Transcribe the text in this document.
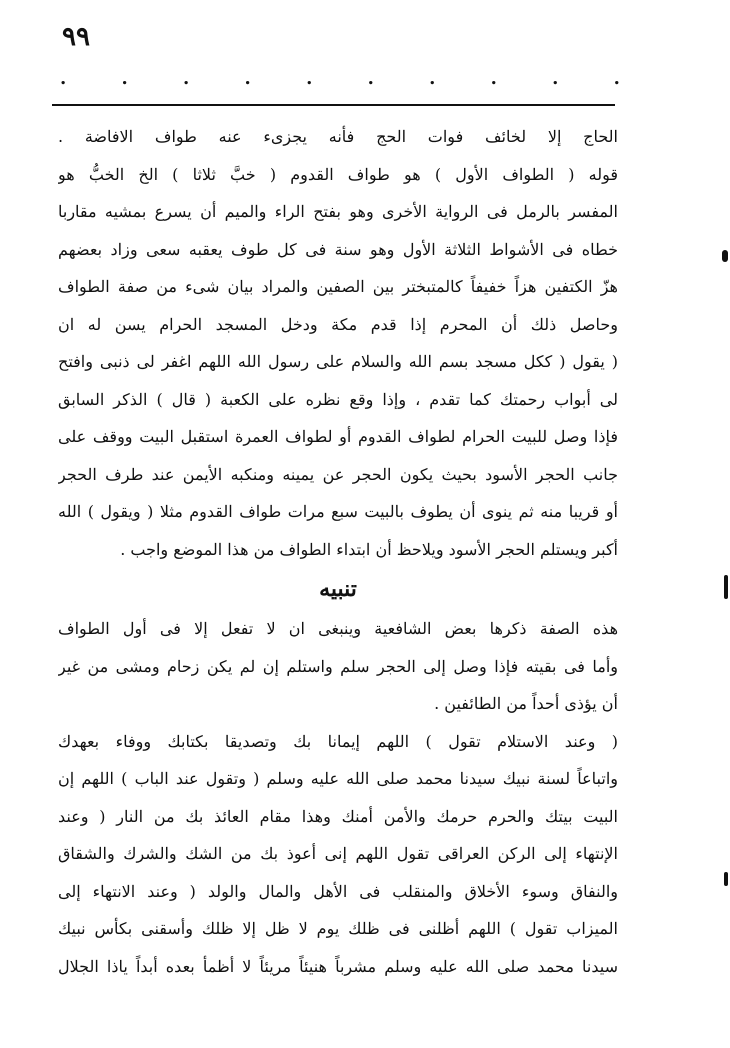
٩٩
.	.	.	.	.	.	.	.	.	.
الحاج إلا لخائف فوات الحج فأنه يجزىء عنه طواف الافاضة .
قوله ( الطواف الأول ) هو طواف القدوم ( خبَّ ثلاثا ) الخ الخبُّ هو
المفسر بالرمل فى الرواية الأخرى وهو بفتح الراء والميم أن يسرع بمشيه مقاربا
خطاه فى الأشواط الثلاثة الأول وهو سنة فى كل طوف يعقبه سعى وزاد بعضهم
هزّ الكتفين هزاً خفيفاً كالمتبختر بين الصفين والمراد بيان شىء من صفة الطواف
وحاصل ذلك أن المحرم إذا قدم مكة ودخل المسجد الحرام يسن له ان
( يقول ( ككل مسجد بسم الله والسلام على رسول الله اللهم اغفر لى ذنبى وافتح
لى أبواب رحمتك كما تقدم ، وإذا وقع نظره على الكعبة ( قال ) الذكر السابق
فإذا وصل للبيت الحرام لطواف القدوم أو لطواف العمرة استقبل البيت ووقف على
جانب الحجر الأسود بحيث يكون الحجر عن يمينه ومنكبه الأيمن عند طرف الحجر
أو قريبا منه ثم ينوى أن يطوف بالبيت سبع مرات طواف القدوم مثلا ( ويقول ) الله
أكبر ويستلم الحجر الأسود ويلاحظ أن ابتداء الطواف من هذا الموضع واجب .
تنبيه
هذه الصفة ذكرها بعض الشافعية وينبغى ان لا تفعل إلا فى أول الطواف
وأما فى بقيته فإذا وصل إلى الحجر سلم واستلم إن لم يكن زحام ومشى من غير
أن يؤذى أحداً من الطائفين .
( وعند الاستلام تقول ) اللهم إيمانا بك وتصديقا بكتابك ووفاء بعهدك
واتباعاً لسنة نبيك سيدنا محمد صلى الله عليه وسلم ( وتقول عند الباب ) اللهم إن
البيت بيتك والحرم حرمك والأمن أمنك وهذا مقام العائذ بك من النار ( وعند
الإنتهاء إلى الركن العراقى تقول اللهم إنى أعوذ بك من الشك والشرك والشقاق
والنفاق وسوء الأخلاق والمنقلب فى الأهل والمال والولد ( وعند الانتهاء إلى
الميزاب تقول ) اللهم أظلنى فى ظلك يوم لا ظل إلا ظلك وأسقنى بكأس نبيك
سيدنا محمد صلى الله عليه وسلم مشرباً هنيئاً مريئاً لا أظمأ بعده أبداً ياذا الجلال
